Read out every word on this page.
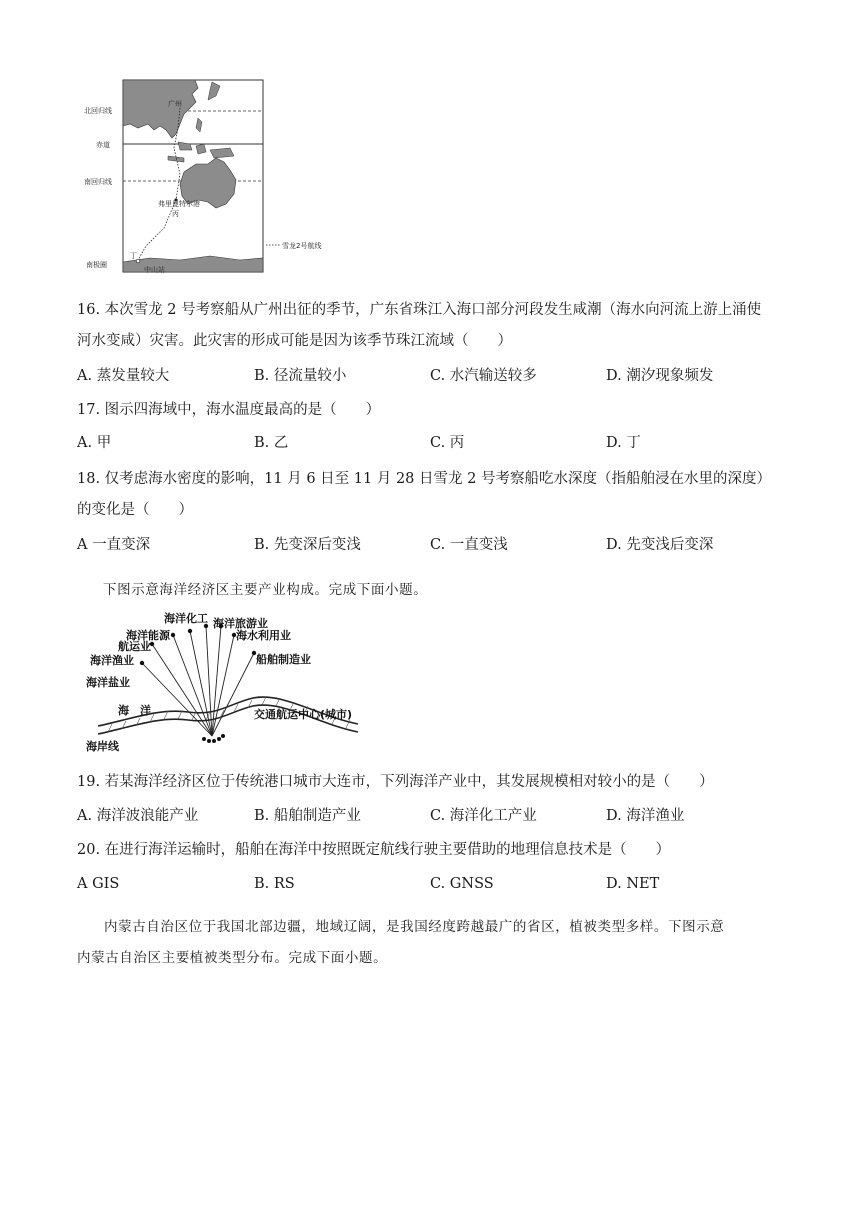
北回归线
赤道
南回归线
南极圈
广州
弗里曼特尔港
丙
丁
中山站
雪龙2号航线
16. 本次雪龙 2 号考察船从广州出征的季节，广东省珠江入海口部分河段发生咸潮（海水向河流上游上涌使
河水变咸）灾害。此灾害的形成可能是因为该季节珠江流域（　　）
A. 蒸发量较大	B. 径流量较小	C. 水汽输送较多	D. 潮汐现象频发
17. 图示四海域中，海水温度最高的是（　　）
A. 甲	B. 乙	C. 丙	D. 丁
18. 仅考虑海水密度的影响，11 月 6 日至 11 月 28 日雪龙 2 号考察船吃水深度（指船舶浸在水里的深度）
的变化是（　　）
A 一直变深	B. 先变深后变浅	C. 一直变浅	D. 先变浅后变深
下图示意海洋经济区主要产业构成。完成下面小题。
海洋化工 海洋旅游业
海洋能源	海水利用业
航运业
船舶制造业
海洋渔业
海洋盐业
海　洋	交通航运中心(城市)
海岸线
19. 若某海洋经济区位于传统港口城市大连市，下列海洋产业中，其发展规模相对较小的是（　　）
A. 海洋波浪能产业	B. 船舶制造产业	C. 海洋化工产业	D. 海洋渔业
20. 在进行海洋运输时，船舶在海洋中按照既定航线行驶主要借助的地理信息技术是（　　）
A GIS	B. RS	C. GNSS	D. NET
内蒙古自治区位于我国北部边疆，地域辽阔，是我国经度跨越最广的省区，植被类型多样。下图示意
内蒙古自治区主要植被类型分布。完成下面小题。
